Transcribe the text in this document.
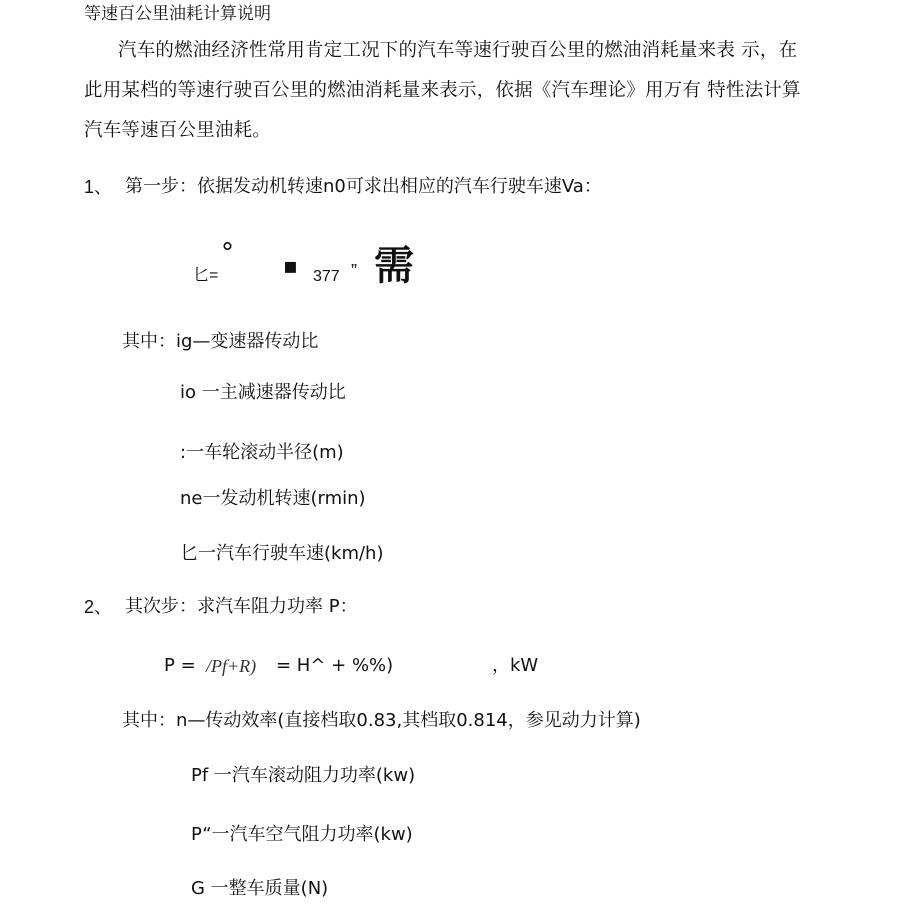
等速百公里油耗计算说明
汽车的燃油经济性常用肯定工况下的汽车等速行驶百公里的燃油消耗量来表 示，在
此用某档的等速行驶百公里的燃油消耗量来表示，依据《汽车理论》用万有 特性法计算
汽车等速百公里油耗。
1、 第一步：依据发动机转速n0可求出相应的汽车行驶车速Va：
匕=
° ▪ 377 ” 需
其中：ig—变速器传动比
io 一主减速器传动比
:一车轮滚动半径(m)
ne一发动机转速(rmin)
匕一汽车行驶车速(km/h)
2、 其次步：求汽车阻力功率 P：
P = /Pf+R) = H^ + %%)	，kW
其中：n—传动效率(直接档取0.83,其档取0.814，参见动力计算)
Pf 一汽车滚动阻力功率(kw)
P“一汽车空气阻力功率(kw)
G 一整车质量(N)
